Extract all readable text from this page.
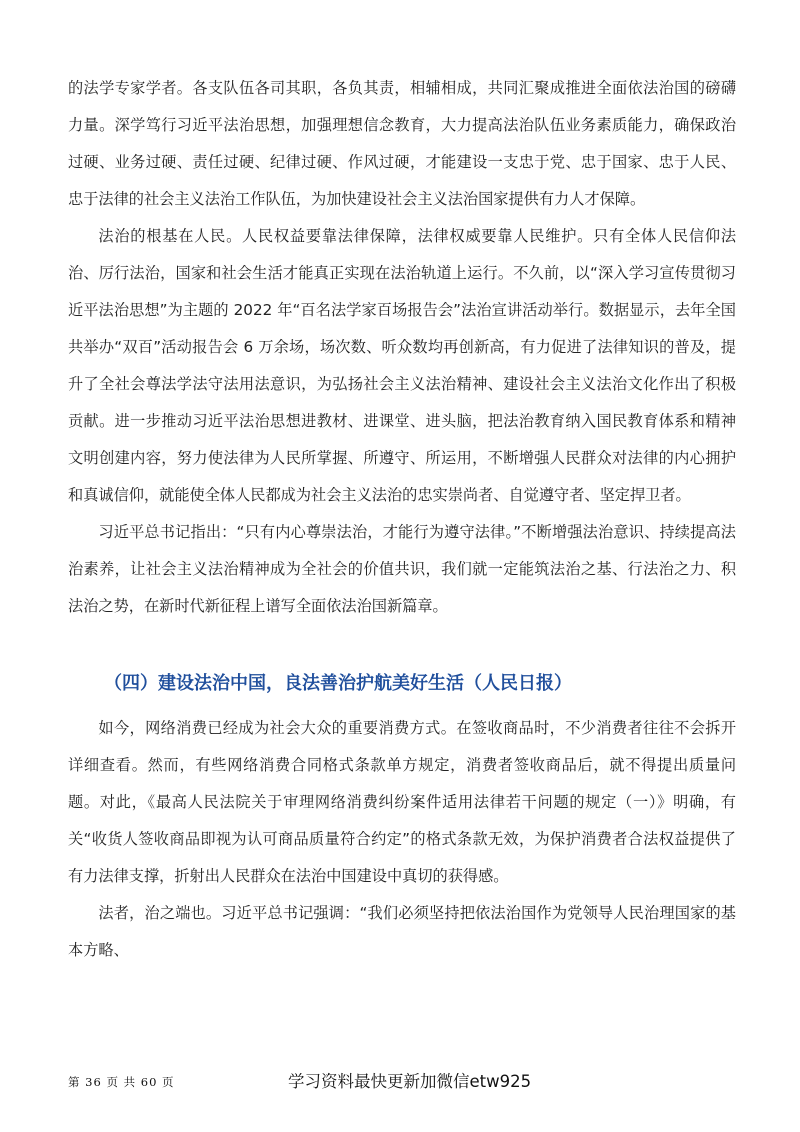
的法学专家学者。各支队伍各司其职，各负其责，相辅相成，共同汇聚成推进全面依法治国的磅礴力量。深学笃行习近平法治思想，加强理想信念教育，大力提高法治队伍业务素质能力，确保政治过硬、业务过硬、责任过硬、纪律过硬、作风过硬，才能建设一支忠于党、忠于国家、忠于人民、忠于法律的社会主义法治工作队伍，为加快建设社会主义法治国家提供有力人才保障。

法治的根基在人民。人民权益要靠法律保障，法律权威要靠人民维护。只有全体人民信仰法治、厉行法治，国家和社会生活才能真正实现在法治轨道上运行。不久前，以“深入学习宣传贯彻习近平法治思想”为主题的 2022 年“百名法学家百场报告会”法治宣讲活动举行。数据显示，去年全国共举办“双百”活动报告会 6 万余场，场次数、听众数均再创新高，有力促进了法律知识的普及，提升了全社会尊法学法守法用法意识，为弘扬社会主义法治精神、建设社会主义法治文化作出了积极贡献。进一步推动习近平法治思想进教材、进课堂、进头脑，把法治教育纳入国民教育体系和精神文明创建内容，努力使法律为人民所掌握、所遵守、所运用，不断增强人民群众对法律的内心拥护和真诚信仰，就能使全体人民都成为社会主义法治的忠实崇尚者、自觉遵守者、坚定捍卫者。

习近平总书记指出：“只有内心尊崇法治，才能行为遵守法律。”不断增强法治意识、持续提高法治素养，让社会主义法治精神成为全社会的价值共识，我们就一定能筑法治之基、行法治之力、积法治之势，在新时代新征程上谱写全面依法治国新篇章。

（四）建设法治中国，良法善治护航美好生活（人民日报）

如今，网络消费已经成为社会大众的重要消费方式。在签收商品时，不少消费者往往不会拆开详细查看。然而，有些网络消费合同格式条款单方规定，消费者签收商品后，就不得提出质量问题。对此，《最高人民法院关于审理网络消费纠纷案件适用法律若干问题的规定（一）》明确，有关“收货人签收商品即视为认可商品质量符合约定”的格式条款无效，为保护消费者合法权益提供了有力法律支撑，折射出人民群众在法治中国建设中真切的获得感。

法者，治之端也。习近平总书记强调：“我们必须坚持把依法治国作为党领导人民治理国家的基本方略、

第 36 页 共 60 页	学习资料最快更新加微信etw925
